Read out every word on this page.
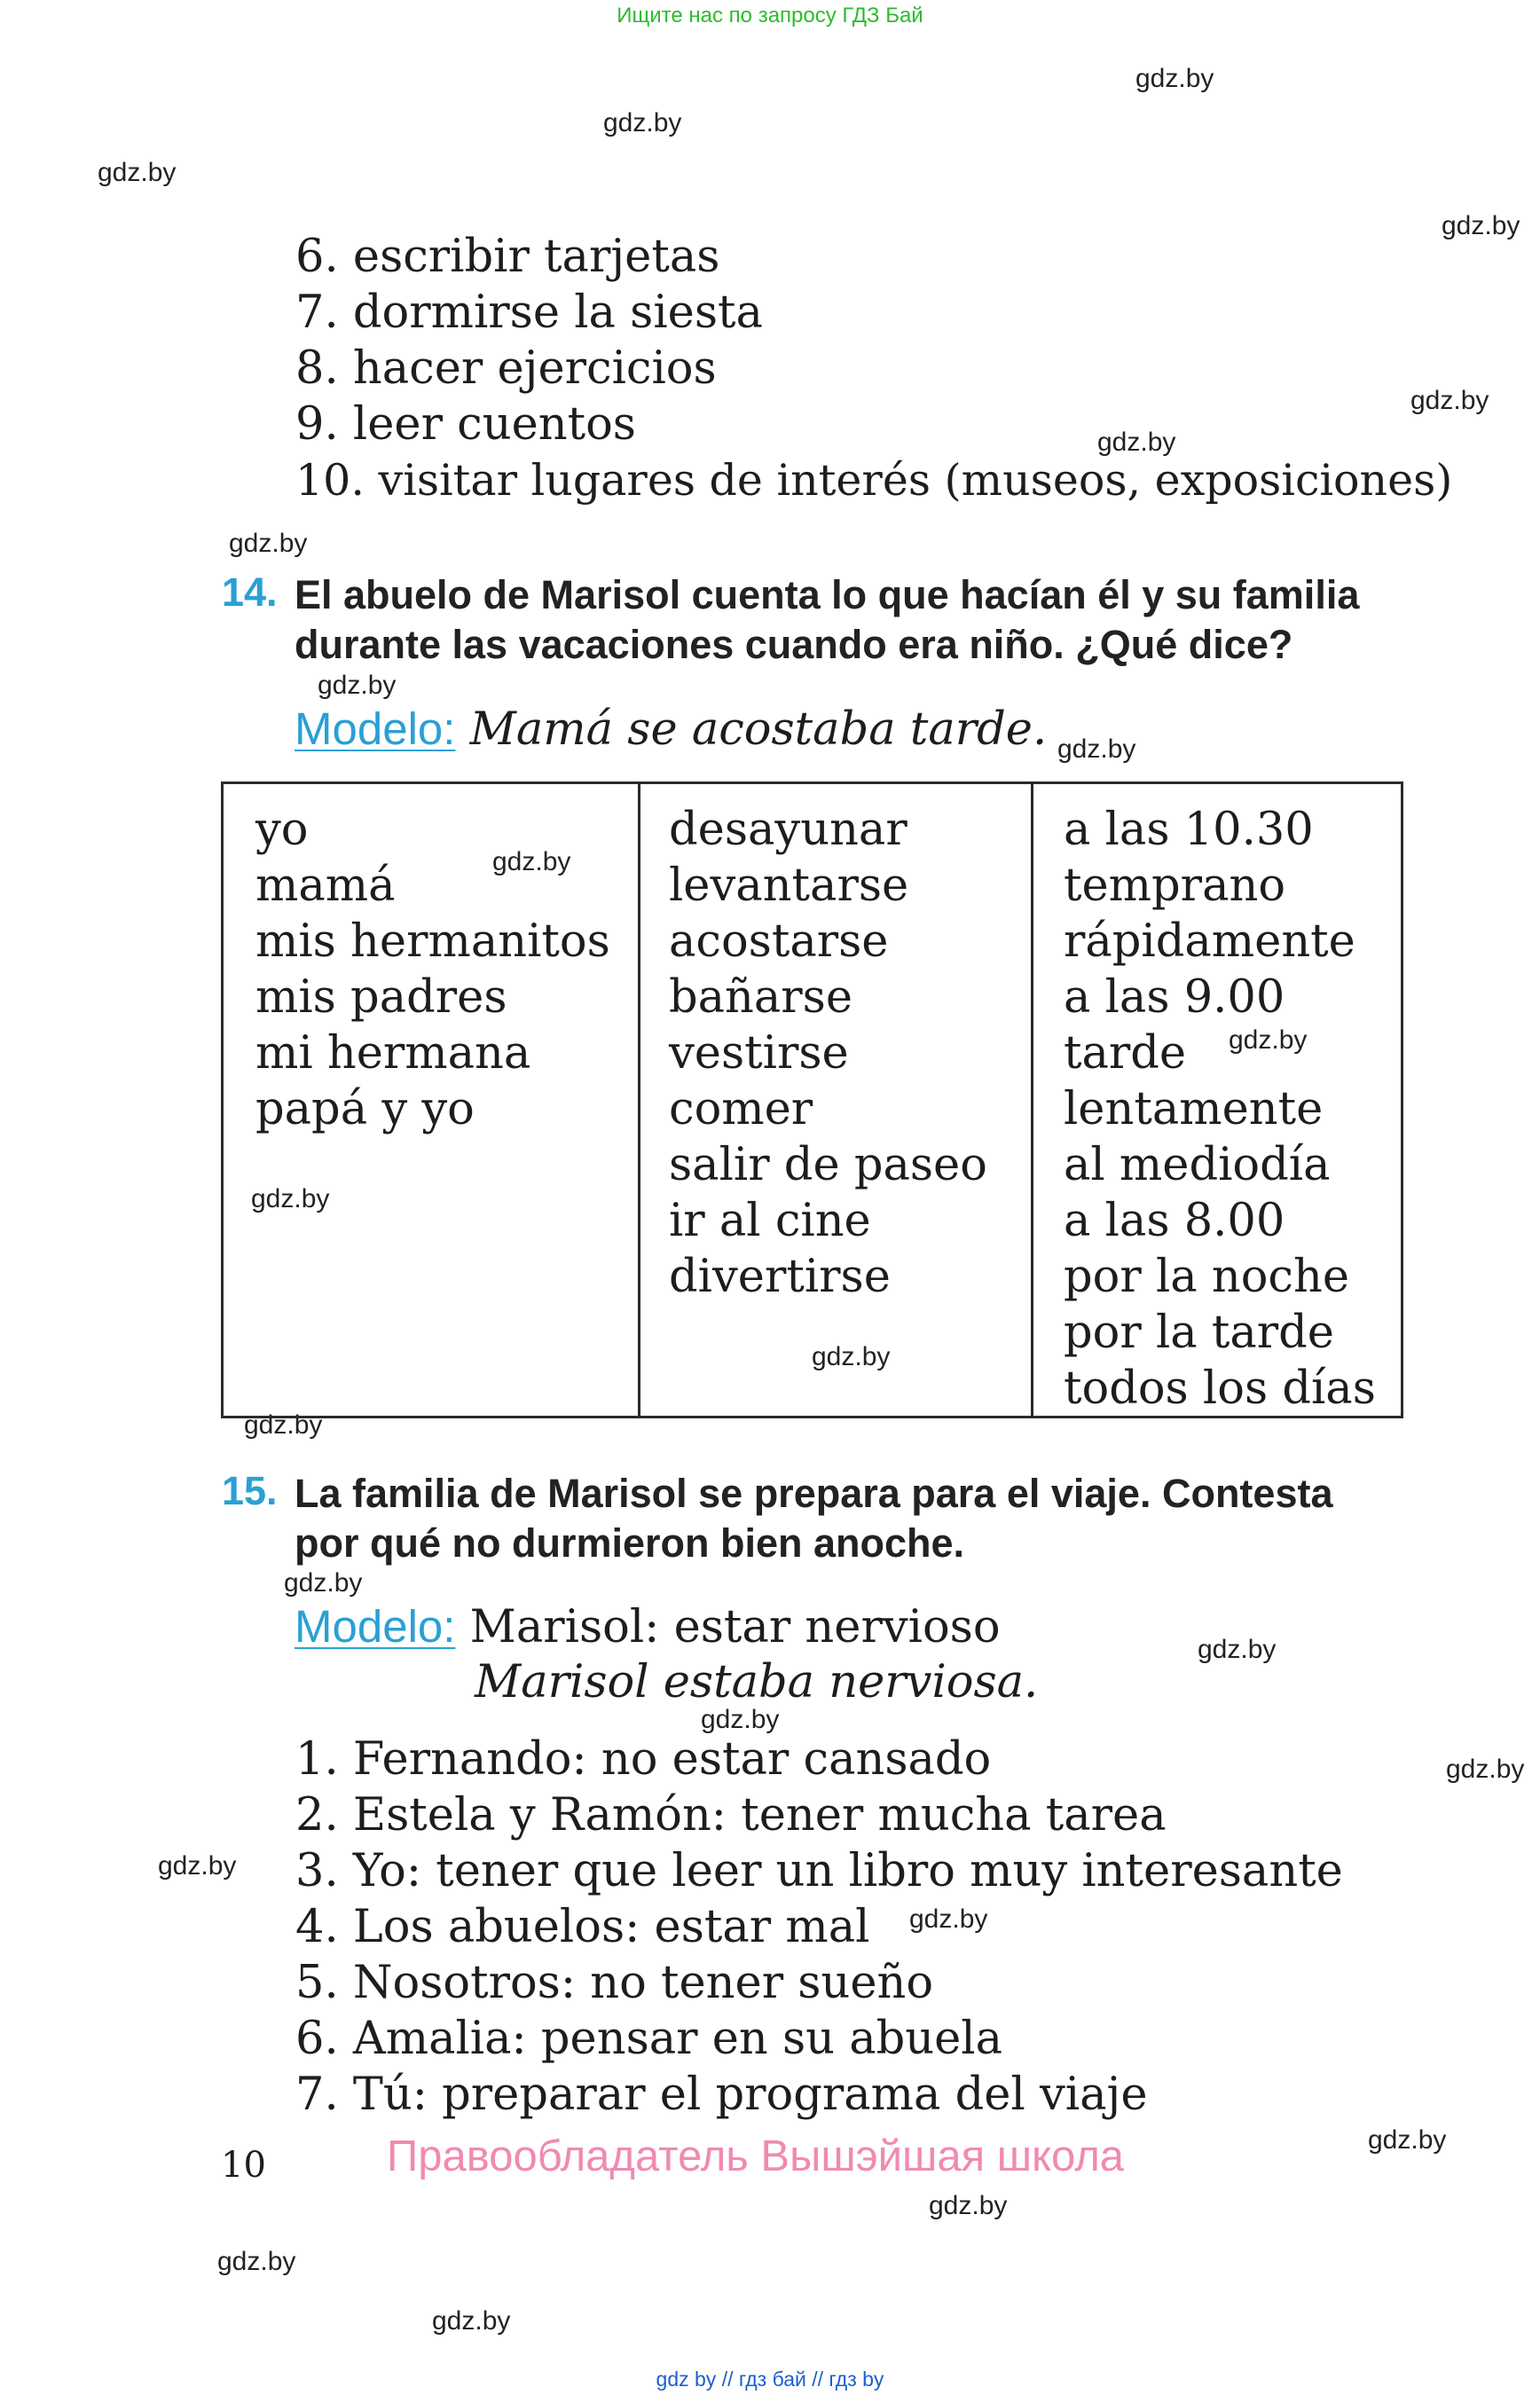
Ищите нас по запросу ГДЗ Бай
gdz.by
gdz.by
gdz.by
gdz.by
gdz.by
gdz.by
gdz.by
gdz.by
gdz.by
gdz.by
gdz.by
gdz.by
gdz.by
gdz.by
gdz.by
gdz.by
gdz.by
gdz.by
gdz.by
gdz.by
gdz.by
gdz.by
gdz.by
gdz.by
6. escribir tarjetas
7. dormirse la siesta
8. hacer ejercicios
9. leer cuentos
10. visitar lugares de interés (museos, exposiciones)
14. El abuelo de Marisol cuenta lo que hacían él y su familia
durante las vacaciones cuando era niño. ¿Qué dice?
Modelo: Mamá se acostaba tarde.
yo
mamá
mis hermanitos
mis padres
mi hermana
papá y yo
desayunar
levantarse
acostarse
bañarse
vestirse
comer
salir de paseo
ir al cine
divertirse
a las 10.30
temprano
rápidamente
a las 9.00
tarde
lentamente
al mediodía
a las 8.00
por la noche
por la tarde
todos los días
15. La familia de Marisol se prepara para el viaje. Contesta
por qué no durmieron bien anoche.
Modelo: Marisol: estar nervioso
Marisol estaba nerviosa.
1. Fernando: no estar cansado
2. Estela y Ramón: tener mucha tarea
3. Yo: tener que leer un libro muy interesante
4. Los abuelos: estar mal
5. Nosotros: no tener sueño
6. Amalia: pensar en su abuela
7. Tú: preparar el programa del viaje
10	Правообладатель Вышэйшая школа
gdz by // гдз бай // гдз by
